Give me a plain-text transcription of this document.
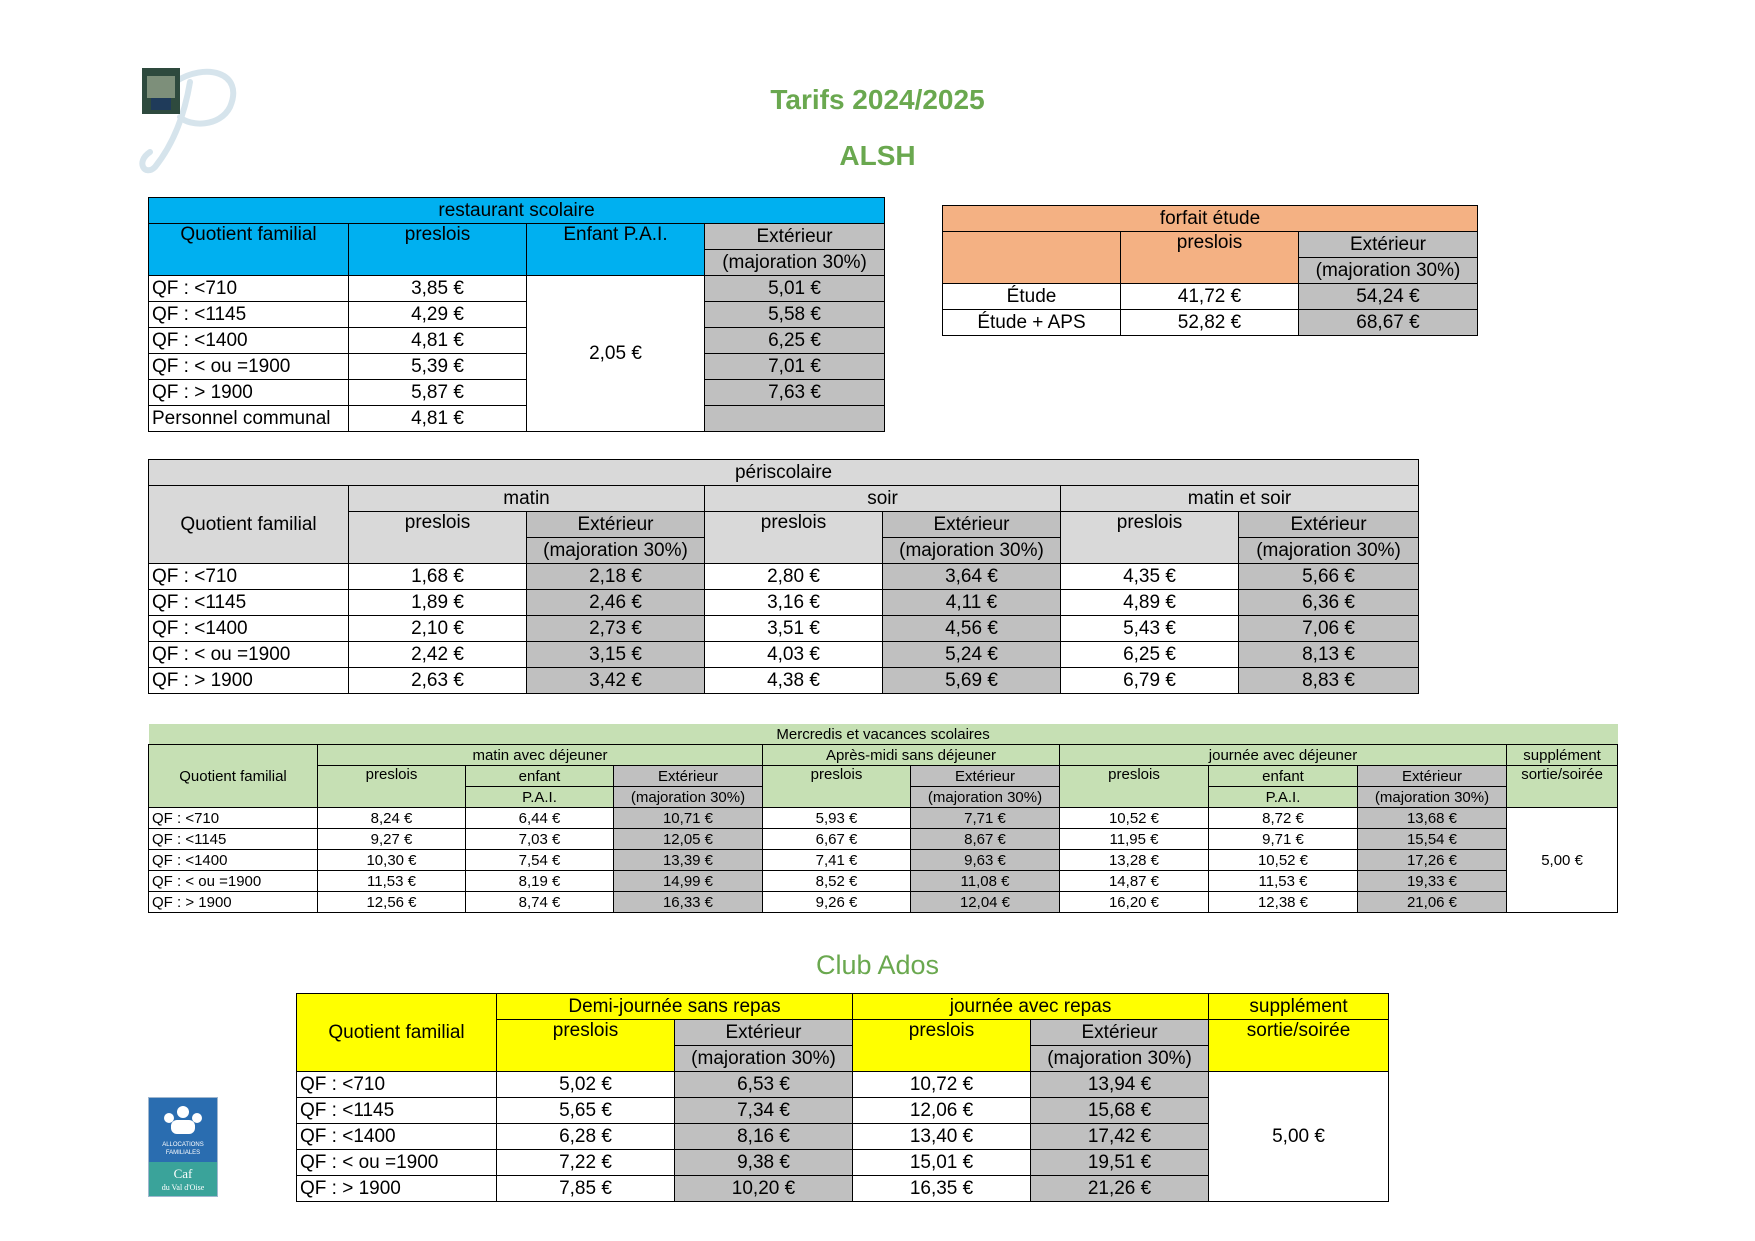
Tarifs 2024/2025
ALSH
restaurant scolaire			
Quotient familial	preslois	Enfant P.A.I.	Extérieur
			(majoration 30%)
QF : <710	3,85 €	2,05 €	5,01 €
QF : <1145	4,29 €		5,58 €
QF : <1400	4,81 €		6,25 €
QF : < ou =1900	5,39 €		7,01 €
QF : > 1900	5,87 €		7,63 €
Personnel communal	4,81 €		
forfait étude		
	preslois	Extérieur
		(majoration 30%)
Étude	41,72 €	54,24 €
Étude + APS	52,82 €	68,67 €
périscolaire						
Quotient familial	matin		soir		matin et soir	
	preslois	Extérieur	preslois	Extérieur	preslois	Extérieur
		(majoration 30%)		(majoration 30%)		(majoration 30%)
QF : <710	1,68 €	2,18 €	2,80 €	3,64 €	4,35 €	5,66 €
QF : <1145	1,89 €	2,46 €	3,16 €	4,11 €	4,89 €	6,36 €
QF : <1400	2,10 €	2,73 €	3,51 €	4,56 €	5,43 €	7,06 €
QF : < ou =1900	2,42 €	3,15 €	4,03 €	5,24 €	6,25 €	8,13 €
QF : > 1900	2,63 €	3,42 €	4,38 €	5,69 €	6,79 €	8,83 €
Mercredis et vacances scolaires									
Quotient familial	matin avec déjeuner			Après-midi sans déjeuner		journée avec déjeuner			supplément
	preslois	enfant	Extérieur	preslois	Extérieur	preslois	enfant	Extérieur	sortie/soirée
		P.A.I.	(majoration 30%)		(majoration 30%)		P.A.I.	(majoration 30%)	
QF : <710	8,24 €	6,44 €	10,71 €	5,93 €	7,71 €	10,52 €	8,72 €	13,68 €	5,00 €
QF : <1145	9,27 €	7,03 €	12,05 €	6,67 €	8,67 €	11,95 €	9,71 €	15,54 €	
QF : <1400	10,30 €	7,54 €	13,39 €	7,41 €	9,63 €	13,28 €	10,52 €	17,26 €	
QF : < ou =1900	11,53 €	8,19 €	14,99 €	8,52 €	11,08 €	14,87 €	11,53 €	19,33 €	
QF : > 1900	12,56 €	8,74 €	16,33 €	9,26 €	12,04 €	16,20 €	12,38 €	21,06 €	
Club Ados
Quotient familial	Demi-journée sans repas		journée avec repas		supplément
	preslois	Extérieur	preslois	Extérieur	sortie/soirée
		(majoration 30%)		(majoration 30%)	
QF : <710	5,02 €	6,53 €	10,72 €	13,94 €	5,00 €
QF : <1145	5,65 €	7,34 €	12,06 €	15,68 €	
QF : <1400	6,28 €	8,16 €	13,40 €	17,42 €	
QF : < ou =1900	7,22 €	9,38 €	15,01 €	19,51 €	
QF : > 1900	7,85 €	10,20 €	16,35 €	21,26 €	
ALLOCATIONS
FAMILIALES
Caf
du Val d'Oise
